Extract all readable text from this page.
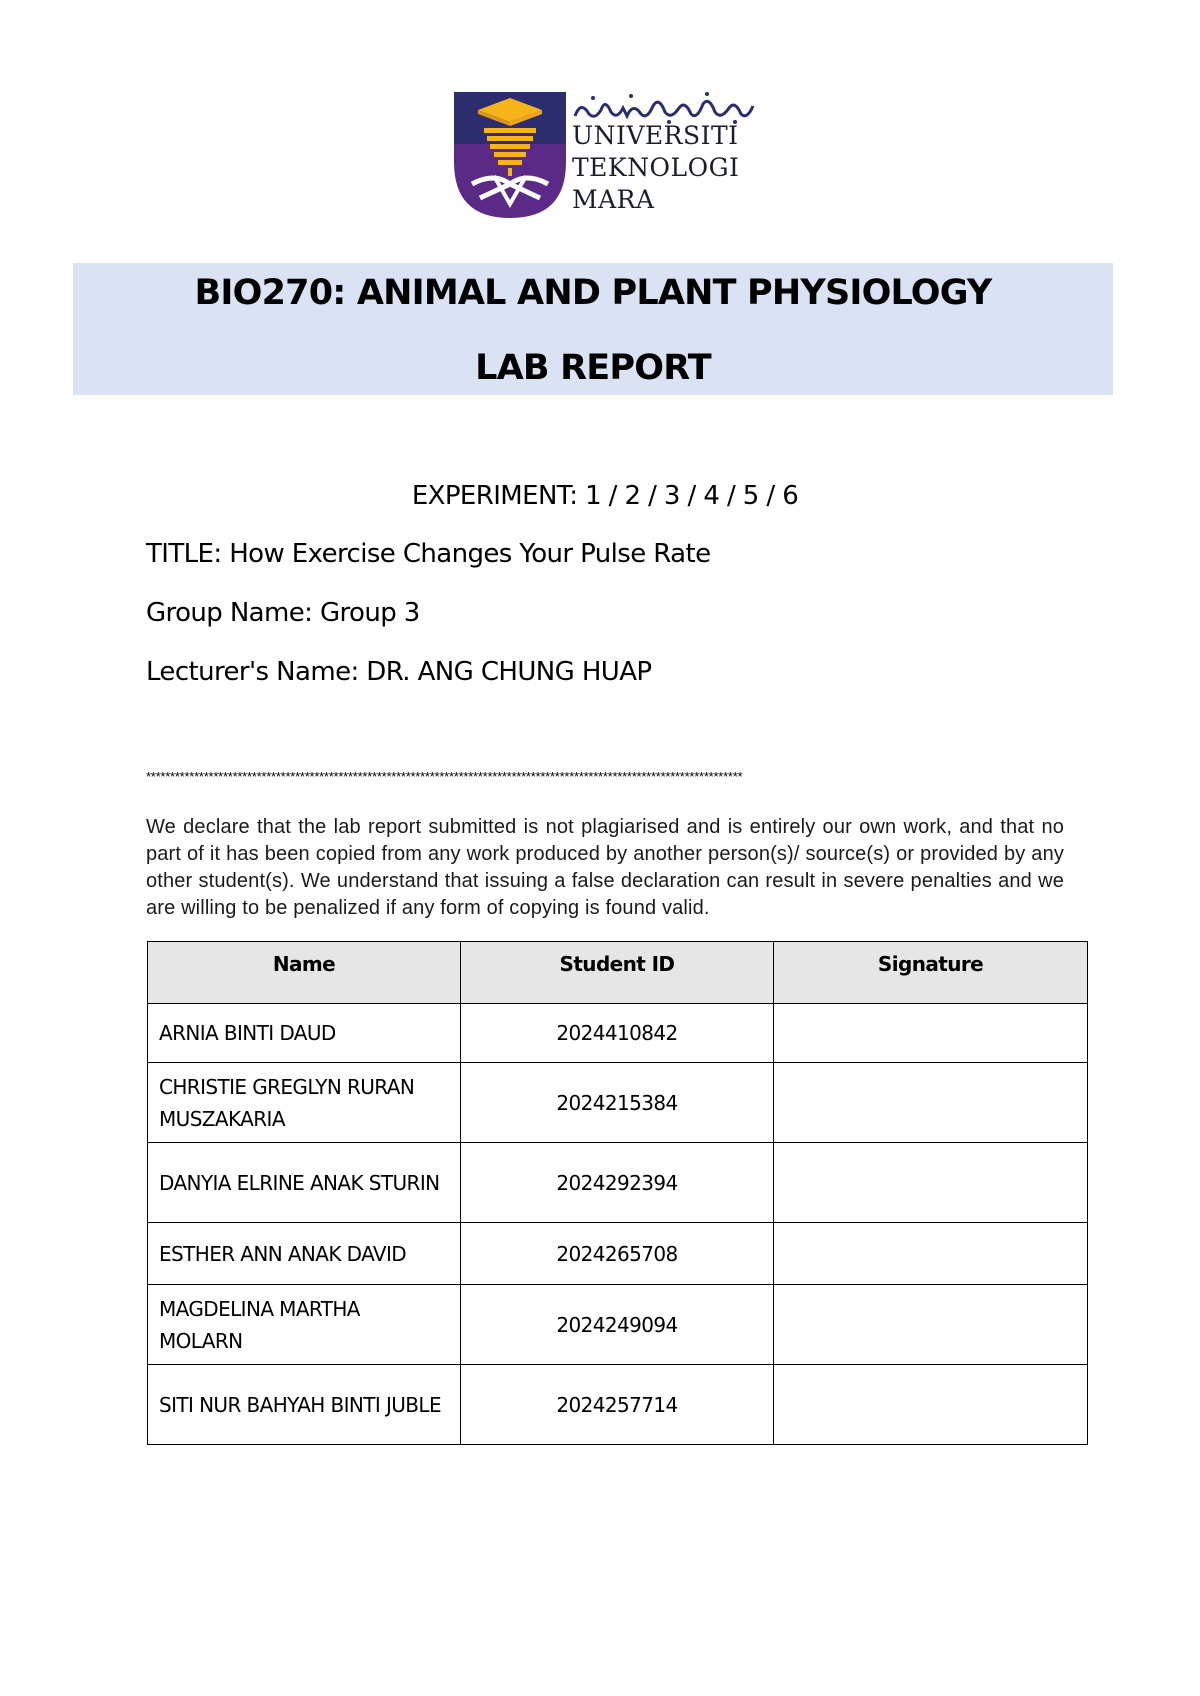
UNIVERSITI
TEKNOLOGI
MARA
BIO270: ANIMAL AND PLANT PHYSIOLOGY
LAB REPORT
EXPERIMENT: 1 / 2 / 3 / 4 / 5 / 6
TITLE: How Exercise Changes Your Pulse Rate
Group Name: Group 3
Lecturer's Name: DR. ANG CHUNG HUAP
****************************************************************************************************************************
We declare that the lab report submitted is not plagiarised and is entirely our own work, and that no part of it has been copied from any work produced by another person(s)/ source(s) or provided by any other student(s). We understand that issuing a false declaration can result in severe penalties and we are willing to be penalized if any form of copying is found valid.
Name	Student ID	Signature
ARNIA BINTI DAUD	2024410842	
CHRISTIE GREGLYN RURAN MUSZAKARIA	2024215384	
DANYIA ELRINE ANAK STURIN	2024292394	
ESTHER ANN ANAK DAVID	2024265708	
MAGDELINA MARTHA MOLARN	2024249094	
SITI NUR BAHYAH BINTI JUBLE	2024257714	
